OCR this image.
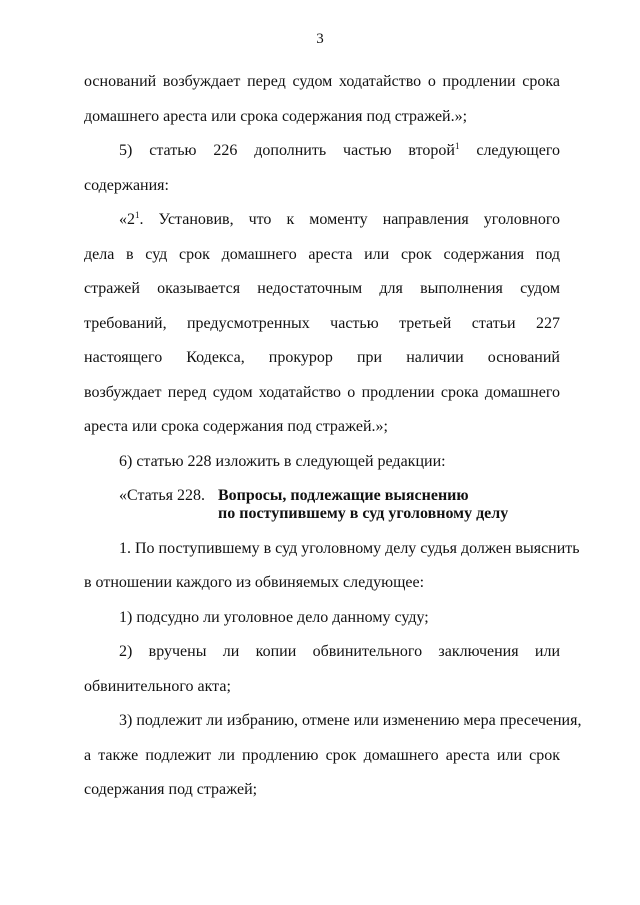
3
оснований возбуждает перед судом ходатайство о продлении срока
домашнего ареста или срока содержания под стражей.»;
5) статью 226 дополнить частью второй$^1$ следующего
содержания:
«$2^1$. Установив, что к моменту направления уголовного
дела в суд срок домашнего ареста или срок содержания под
стражей оказывается недостаточным для выполнения судом
требований, предусмотренных частью третьей статьи 227
настоящего Кодекса, прокурор при наличии оснований
возбуждает перед судом ходатайство о продлении срока домашнего
ареста или срока содержания под стражей.»;
6) статью 228 изложить в следующей редакции:
«Статья 228. Вопросы, подлежащие выяснению
по поступившему в суд уголовному делу
1. По поступившему в суд уголовному делу судья должен выяснить
в отношении каждого из обвиняемых следующее:
1) подсудно ли уголовное дело данному суду;
2) вручены ли копии обвинительного заключения или
обвинительного акта;
3) подлежит ли избранию, отмене или изменению мера пресечения,
а также подлежит ли продлению срок домашнего ареста или срок
содержания под стражей;
